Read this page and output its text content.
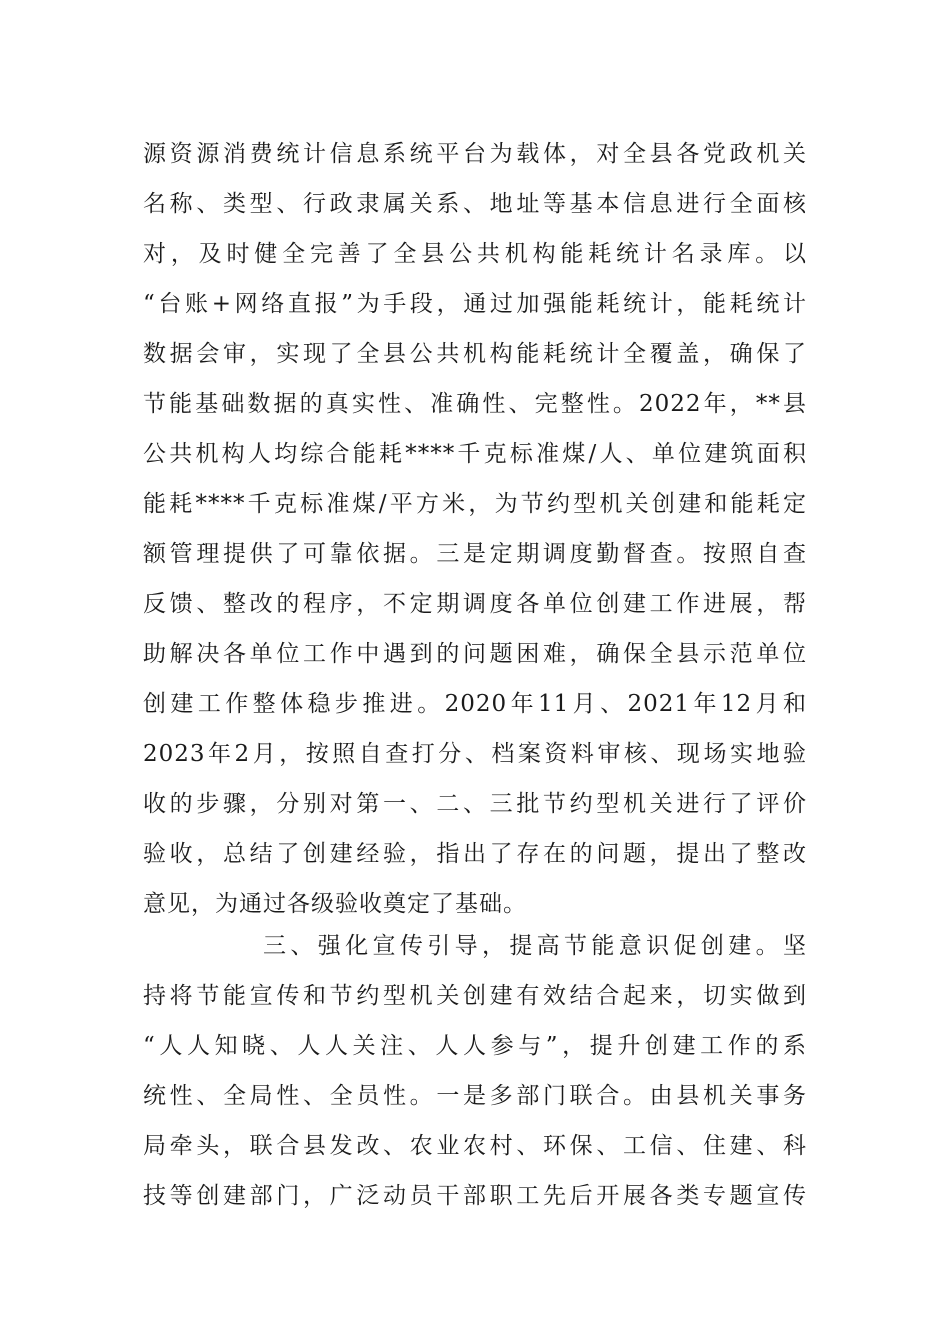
源资源消费统计信息系统平台为载体，对全县各党政机关
名称、类型、行政隶属关系、地址等基本信息进行全面核
对，及时健全完善了全县公共机构能耗统计名录库。以
“台账+网络直报”为手段，通过加强能耗统计，能耗统计
数据会审，实现了全县公共机构能耗统计全覆盖，确保了
节能基础数据的真实性、准确性、完整性。2022年，**县
公共机构人均综合能耗****千克标准煤/人、单位建筑面积
能耗****千克标准煤/平方米，为节约型机关创建和能耗定
额管理提供了可靠依据。三是定期调度勤督查。按照自查
反馈、整改的程序，不定期调度各单位创建工作进展，帮
助解决各单位工作中遇到的问题困难，确保全县示范单位
创建工作整体稳步推进。2020年11月、2021年12月和
2023年2月，按照自查打分、档案资料审核、现场实地验
收的步骤，分别对第一、二、三批节约型机关进行了评价
验收，总结了创建经验，指出了存在的问题，提出了整改
意见，为通过各级验收奠定了基础。
三、强化宣传引导，提高节能意识促创建。坚
持将节能宣传和节约型机关创建有效结合起来，切实做到
“人人知晓、人人关注、人人参与”，提升创建工作的系
统性、全局性、全员性。一是多部门联合。由县机关事务
局牵头，联合县发改、农业农村、环保、工信、住建、科
技等创建部门，广泛动员干部职工先后开展各类专题宣传
